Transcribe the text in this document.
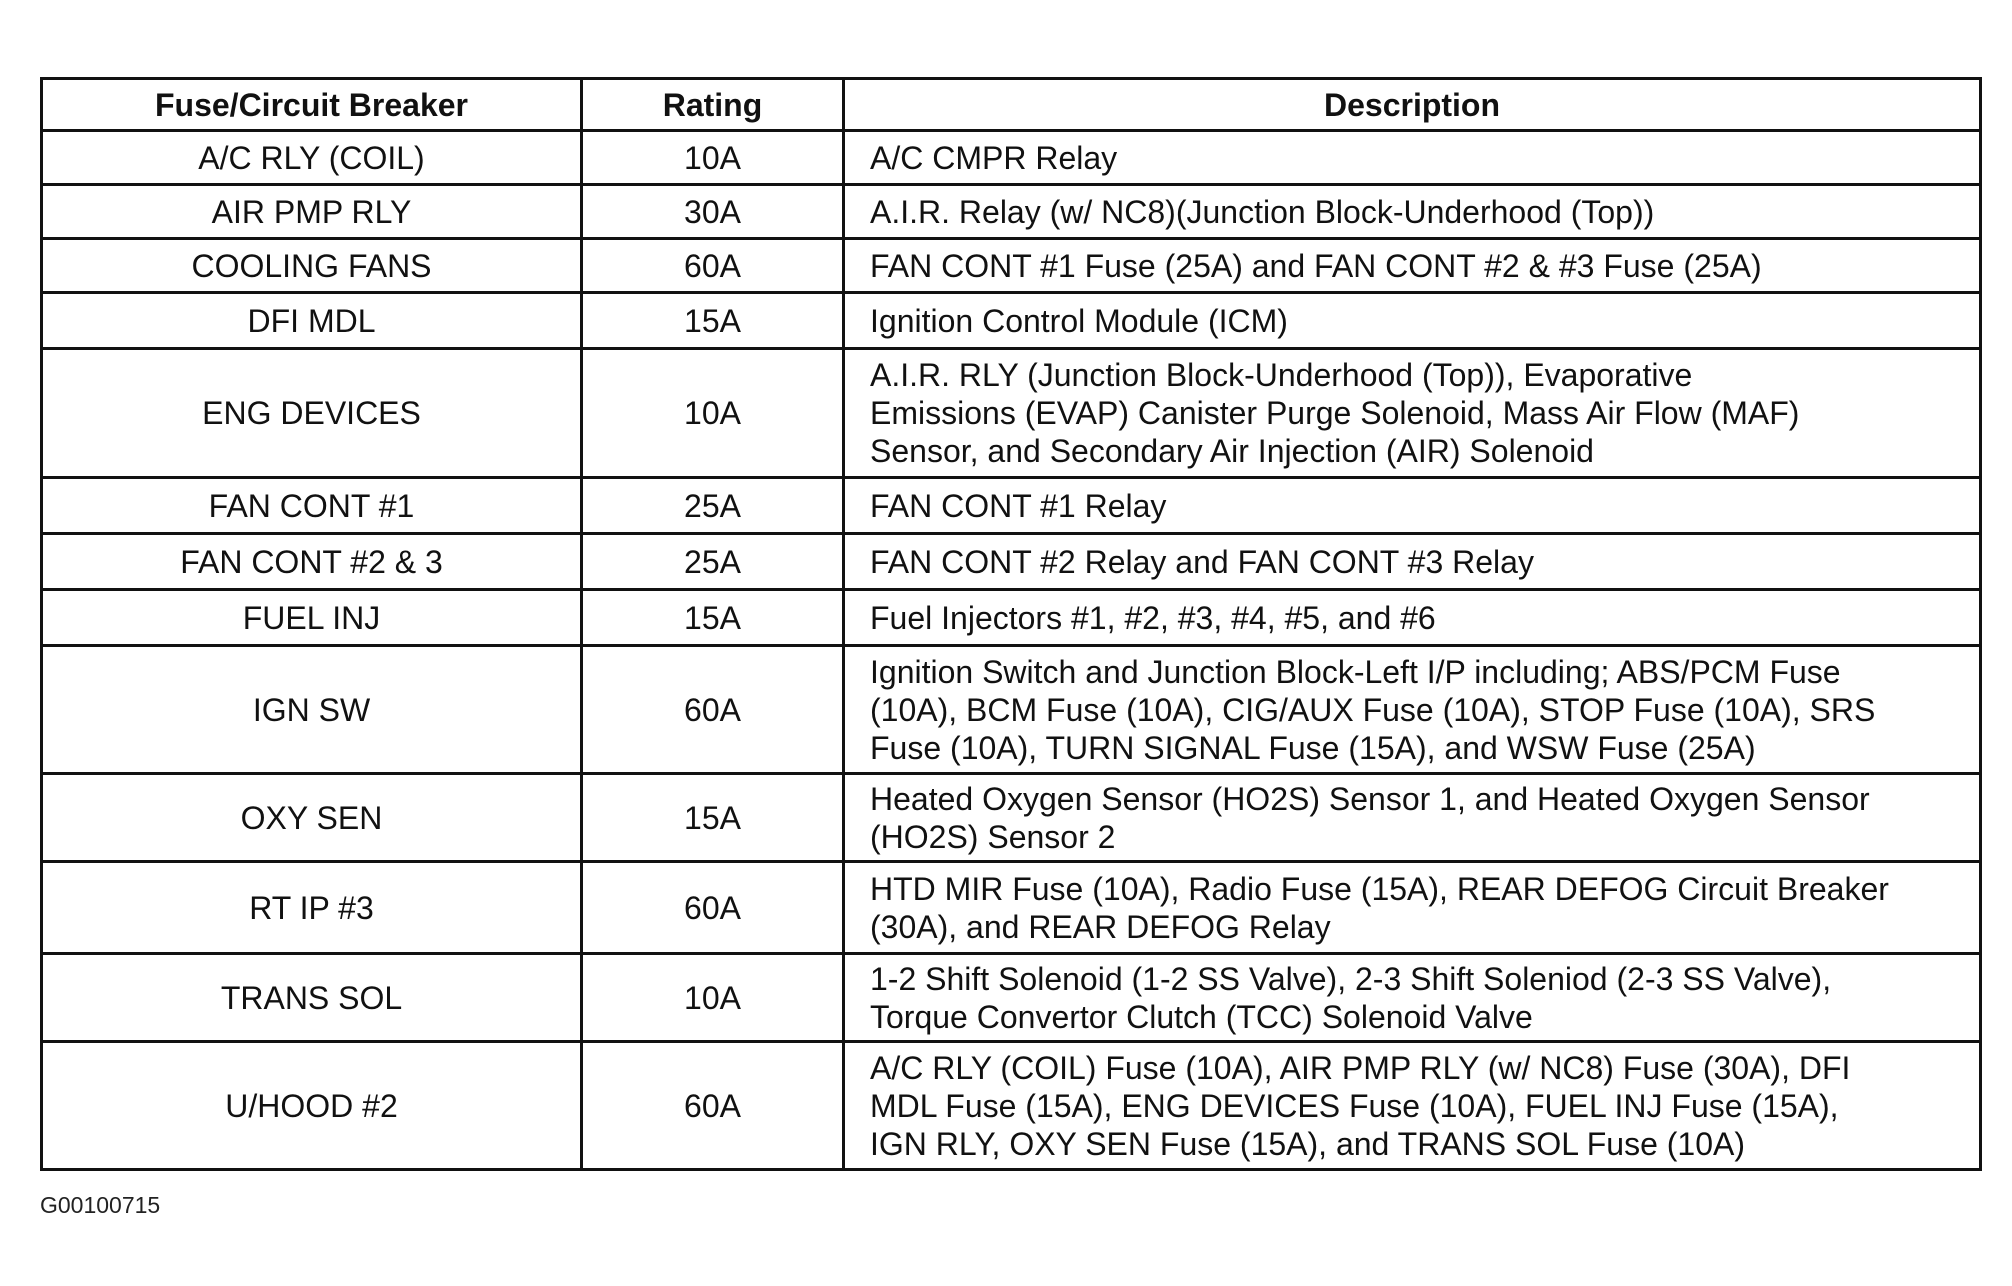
Fuse/Circuit Breaker	Rating	Description
A/C RLY (COIL)	10A	A/C CMPR Relay
AIR PMP RLY	30A	A.I.R. Relay (w/ NC8)(Junction Block-Underhood (Top))
COOLING FANS	60A	FAN CONT #1 Fuse (25A) and FAN CONT #2 & #3 Fuse (25A)
DFI MDL	15A	Ignition Control Module (ICM)
ENG DEVICES	10A	A.I.R. RLY (Junction Block-Underhood (Top)), Evaporative
Emissions (EVAP) Canister Purge Solenoid, Mass Air Flow (MAF)
Sensor, and Secondary Air Injection (AIR) Solenoid
FAN CONT #1	25A	FAN CONT #1 Relay
FAN CONT #2 & 3	25A	FAN CONT #2 Relay and FAN CONT #3 Relay
FUEL INJ	15A	Fuel Injectors #1, #2, #3, #4, #5, and #6
IGN SW	60A	Ignition Switch and Junction Block-Left I/P including; ABS/PCM Fuse
(10A), BCM Fuse (10A), CIG/AUX Fuse (10A), STOP Fuse (10A), SRS
Fuse (10A), TURN SIGNAL Fuse (15A), and WSW Fuse (25A)
OXY SEN	15A	Heated Oxygen Sensor (HO2S) Sensor 1, and Heated Oxygen Sensor
(HO2S) Sensor 2
RT IP #3	60A	HTD MIR Fuse (10A), Radio Fuse (15A), REAR DEFOG Circuit Breaker
(30A), and REAR DEFOG Relay
TRANS SOL	10A	1-2 Shift Solenoid (1-2 SS Valve), 2-3 Shift Soleniod (2-3 SS Valve),
Torque Convertor Clutch (TCC) Solenoid Valve
U/HOOD #2	60A	A/C RLY (COIL) Fuse (10A), AIR PMP RLY (w/ NC8) Fuse (30A), DFI
MDL Fuse (15A), ENG DEVICES Fuse (10A), FUEL INJ Fuse (15A),
IGN RLY, OXY SEN Fuse (15A), and TRANS SOL Fuse (10A)
G00100715
